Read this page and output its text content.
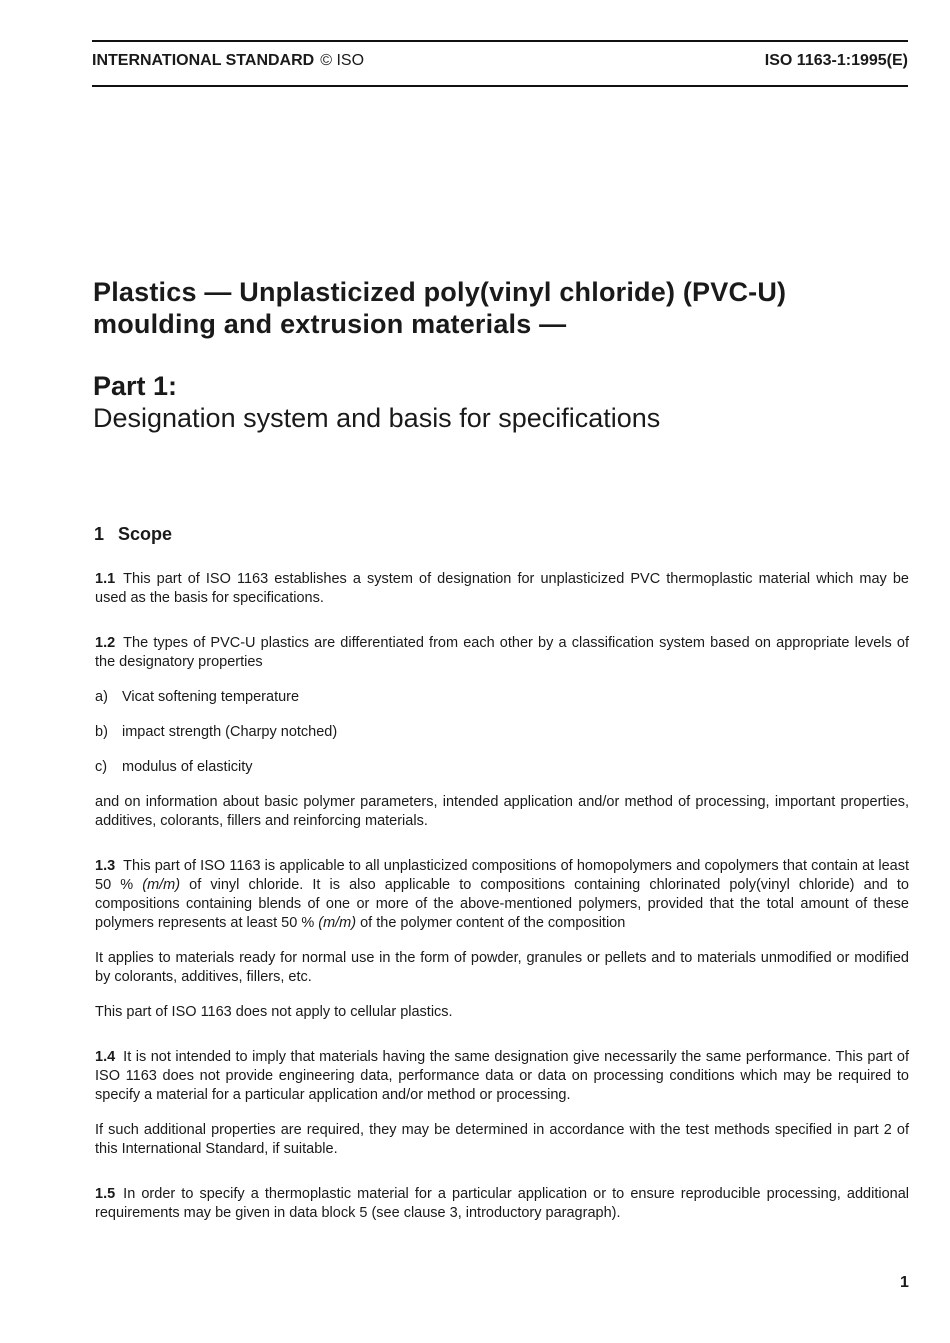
INTERNATIONAL STANDARD © ISO	ISO 1163-1:1995(E)
Plastics — Unplasticized poly(vinyl chloride) (PVC-U)
moulding and extrusion materials —
Part 1:
Designation system and basis for specifications
1 Scope

1.1 This part of ISO 1163 establishes a system of designation for unplasticized PVC thermoplastic material which may be used as the basis for specifications.

1.2 The types of PVC-U plastics are differentiated from each other by a classification system based on appropriate levels of the designatory properties

a) Vicat softening temperature

b) impact strength (Charpy notched)

c) modulus of elasticity

and on information about basic polymer parameters, intended application and/or method of processing, important properties, additives, colorants, fillers and reinforcing materials.

1.3 This part of ISO 1163 is applicable to all unplasticized compositions of homopolymers and copolymers that contain at least 50 % (m/m) of vinyl chloride. It is also applicable to compositions containing chlorinated poly(vinyl chloride) and to compositions containing blends of one or more of the above-mentioned polymers, provided that the total amount of these polymers represents at least 50 % (m/m) of the polymer content of the composition

It applies to materials ready for normal use in the form of powder, granules or pellets and to materials unmodified or modified by colorants, additives, fillers, etc.

This part of ISO 1163 does not apply to cellular plastics.

1.4 It is not intended to imply that materials having the same designation give necessarily the same performance. This part of ISO 1163 does not provide engineering data, performance data or data on processing conditions which may be required to specify a material for a particular application and/or method or processing.

If such additional properties are required, they may be determined in accordance with the test methods specified in part 2 of this International Standard, if suitable.

1.5 In order to specify a thermoplastic material for a particular application or to ensure reproducible processing, additional requirements may be given in data block 5 (see clause 3, introductory paragraph).

1
